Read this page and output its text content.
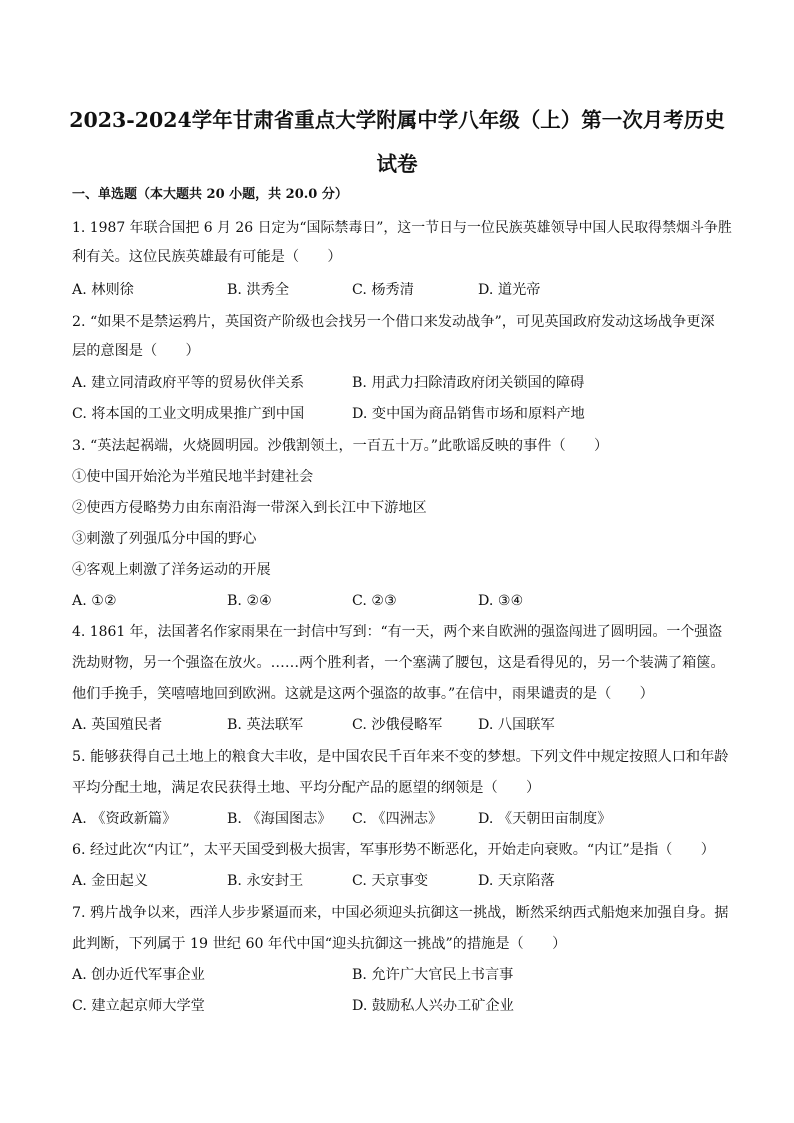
2023-2024学年甘肃省重点大学附属中学八年级（上）第一次月考历史
试卷
一、单选题（本大题共 20 小题，共 20.0 分）
1. 1987 年联合国把 6 月 26 日定为“国际禁毒日”，这一节日与一位民族英雄领导中国人民取得禁烟斗争胜
利有关。这位民族英雄最有可能是（　　）
A. 林则徐	B. 洪秀全	C. 杨秀清	D. 道光帝
2. “如果不是禁运鸦片，英国资产阶级也会找另一个借口来发动战争”，可见英国政府发动这场战争更深
层的意图是（　　）
A. 建立同清政府平等的贸易伙伴关系	B. 用武力扫除清政府闭关锁国的障碍
C. 将本国的工业文明成果推广到中国	D. 变中国为商品销售市场和原料产地
3. “英法起祸端，火烧圆明园。沙俄割领土，一百五十万。”此歌谣反映的事件（　　）
①使中国开始沦为半殖民地半封建社会
②使西方侵略势力由东南沿海一带深入到长江中下游地区
③刺激了列强瓜分中国的野心
④客观上刺激了洋务运动的开展
A. ①②	B. ②④	C. ②③	D. ③④
4. 1861 年，法国著名作家雨果在一封信中写到：“有一天，两个来自欧洲的强盗闯进了圆明园。一个强盗
洗劫财物，另一个强盗在放火。……两个胜利者，一个塞满了腰包，这是看得见的，另一个装满了箱箧。
他们手挽手，笑嘻嘻地回到欧洲。这就是这两个强盗的故事。”在信中，雨果谴责的是（　　）
A. 英国殖民者	B. 英法联军	C. 沙俄侵略军	D. 八国联军
5. 能够获得自己土地上的粮食大丰收，是中国农民千百年来不变的梦想。下列文件中规定按照人口和年龄
平均分配土地，满足农民获得土地、平均分配产品的愿望的纲领是（　　）
A. 《资政新篇》	B. 《海国图志》 C. 《四洲志》	D. 《天朝田亩制度》
6. 经过此次“内讧”，太平天国受到极大损害，军事形势不断恶化，开始走向衰败。“内讧”是指（　　）
A. 金田起义	B. 永安封王	C. 天京事变	D. 天京陷落
7. 鸦片战争以来，西洋人步步紧逼而来，中国必须迎头抗御这一挑战，断然采纳西式船炮来加强自身。据
此判断，下列属于 19 世纪 60 年代中国“迎头抗御这一挑战”的措施是（　　）
A. 创办近代军事企业	B. 允许广大官民上书言事
C. 建立起京师大学堂	D. 鼓励私人兴办工矿企业
